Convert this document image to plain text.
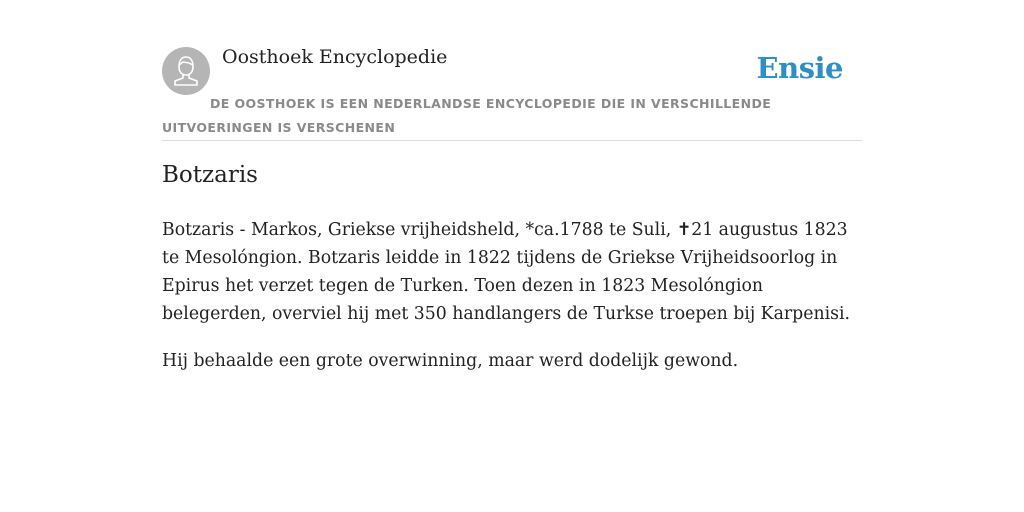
Oosthoek Encyclopedie	Ensie
DE OOSTHOEK IS EEN NEDERLANDSE ENCYCLOPEDIE DIE IN VERSCHILLENDE UITVOERINGEN IS VERSCHENEN
Botzaris

Botzaris - Markos, Griekse vrijheidsheld, *ca.1788 te Suli, ✝21 augustus 1823 te Mesolóngion. Botzaris leidde in 1822 tijdens de Griekse Vrijheidsoorlog in Epirus het verzet tegen de Turken. Toen dezen in 1823 Mesolóngion belegerden, overviel hij met 350 handlangers de Turkse troepen bij Karpenisi.

Hij behaalde een grote overwinning, maar werd dodelijk gewond.
